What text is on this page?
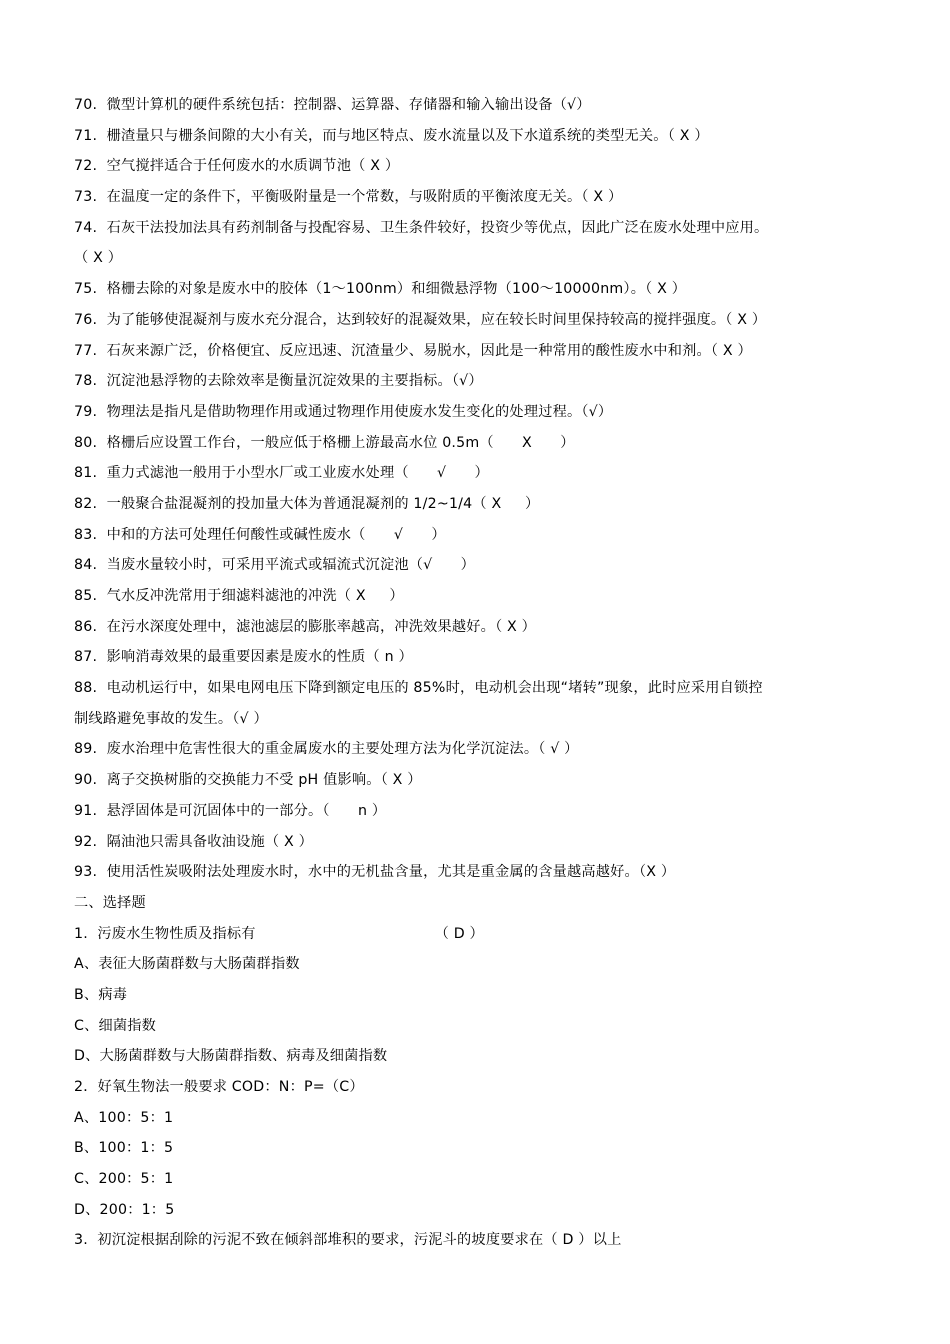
70.  微型计算机的硬件系统包括：控制器、运算器、存储器和输入输出设备（√）
71.  栅渣量只与栅条间隙的大小有关，而与地区特点、废水流量以及下水道系统的类型无关。（ X ）
72.  空气搅拌适合于任何废水的水质调节池（ X ）
73.  在温度一定的条件下，平衡吸附量是一个常数，与吸附质的平衡浓度无关。（ X ）
74.  石灰干法投加法具有药剂制备与投配容易、卫生条件较好，投资少等优点，因此广泛在废水处理中应用。
（ X ）
75.  格栅去除的对象是废水中的胶体（1～100nm）和细微悬浮物（100～10000nm）。（ X ）
76.  为了能够使混凝剂与废水充分混合，达到较好的混凝效果，应在较长时间里保持较高的搅拌强度。（ X ）
77.  石灰来源广泛，价格便宜、反应迅速、沉渣量少、易脱水，因此是一种常用的酸性废水中和剂。（ X ）
78.  沉淀池悬浮物的去除效率是衡量沉淀效果的主要指标。（√）
79.  物理法是指凡是借助物理作用或通过物理作用使废水发生变化的处理过程。（√）
80.  格栅后应设置工作台，一般应低于格栅上游最高水位 0.5m（      X      ）
81.  重力式滤池一般用于小型水厂或工业废水处理（      √      ）
82.  一般聚合盐混凝剂的投加量大体为普通混凝剂的 1/2~1/4（ X     ）
83.  中和的方法可处理任何酸性或碱性废水（      √      ）
84.  当废水量较小时，可采用平流式或辐流式沉淀池（√      ）
85.  气水反冲洗常用于细滤料滤池的冲洗（ X     ）
86.  在污水深度处理中，滤池滤层的膨胀率越高，冲洗效果越好。（ X ）
87.  影响消毒效果的最重要因素是废水的性质（ n ）
88.  电动机运行中，如果电网电压下降到额定电压的 85%时，电动机会出现“堵转”现象，此时应采用自锁控
制线路避免事故的发生。（√ ）
89.  废水治理中危害性很大的重金属废水的主要处理方法为化学沉淀法。（ √ ）
90.  离子交换树脂的交换能力不受 pH 值影响。（ X ）
91.  悬浮固体是可沉固体中的一部分。（      n ）
92.  隔油池只需具备收油设施（ X ）
93.  使用活性炭吸附法处理废水时，水中的无机盐含量，尤其是重金属的含量越高越好。（X ）
二、选择题
1.  污废水生物性质及指标有                                      （ D ）
A、表征大肠菌群数与大肠菌群指数
B、病毒
C、细菌指数
D、大肠菌群数与大肠菌群指数、病毒及细菌指数
2．好氧生物法一般要求 COD：N：P=（C）
A、100：5：1
B、100：1：5
C、200：5：1
D、200：1：5
3.  初沉淀根据刮除的污泥不致在倾斜部堆积的要求，污泥斗的坡度要求在（ D ）以上
